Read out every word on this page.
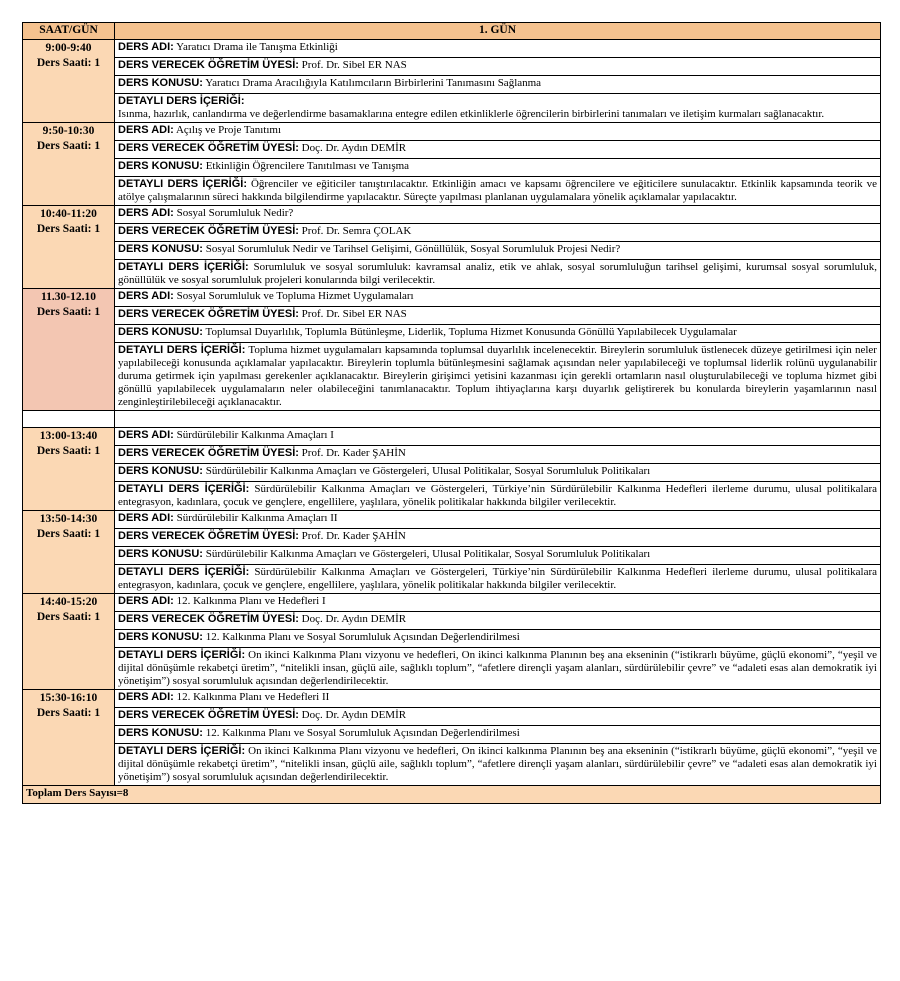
SAAT/GÜN	1. GÜN

9:00-9:40
Ders Saati: 1	DERS ADI: Yaratıcı Drama ile Tanışma Etkinliği
	DERS VERECEK ÖĞRETİM ÜYESİ: Prof. Dr. Sibel ER NAS
	DERS KONUSU: Yaratıcı Drama Aracılığıyla Katılımcıların Birbirlerini Tanımasını Sağlanma

	DETAYLI DERS İÇERİĞİ:
Isınma, hazırlık, canlandırma ve değerlendirme basamaklarına entegre edilen etkinliklerle öğrencilerin birbirlerini tanımaları ve iletişim kurmaları sağlanacaktır.

9:50-10:30
Ders Saati: 1	DERS ADI: Açılış ve Proje Tanıtımı
	DERS VERECEK ÖĞRETİM ÜYESİ: Doç. Dr. Aydın DEMİR
	DERS KONUSU: Etkinliğin Öğrencilere Tanıtılması ve Tanışma
	DETAYLI DERS İÇERİĞİ: Öğrenciler ve eğiticiler tanıştırılacaktır. Etkinliğin amacı ve kapsamı öğrencilere ve eğiticilere sunulacaktır. Etkinlik kapsamında teorik ve atölye çalışmalarının süreci hakkında bilgilendirme yapılacaktır. Süreçte yapılması planlanan uygulamalara yönelik açıklamalar yapılacaktır.

10:40-11:20
Ders Saati: 1	DERS ADI: Sosyal Sorumluluk Nedir?
	DERS VERECEK ÖĞRETİM ÜYESİ: Prof. Dr. Semra ÇOLAK
	DERS KONUSU: Sosyal Sorumluluk Nedir ve Tarihsel Gelişimi, Gönüllülük, Sosyal Sorumluluk Projesi Nedir?
	DETAYLI DERS İÇERİĞİ: Sorumluluk ve sosyal sorumluluk: kavramsal analiz, etik ve ahlak, sosyal sorumluluğun tarihsel gelişimi, kurumsal sosyal sorumluluk, gönüllülük ve sosyal sorumluluk projeleri konularında bilgi verilecektir.

11.30-12.10
Ders Saati: 1	DERS ADI: Sosyal Sorumluluk ve Topluma Hizmet Uygulamaları
	DERS VERECEK ÖĞRETİM ÜYESİ: Prof. Dr. Sibel ER NAS
	DERS KONUSU: Toplumsal Duyarlılık, Toplumla Bütünleşme, Liderlik, Topluma Hizmet Konusunda Gönüllü Yapılabilecek Uygulamalar
	DETAYLI DERS İÇERİĞİ: Topluma hizmet uygulamaları kapsamında toplumsal duyarlılık incelenecektir. Bireylerin sorumluluk üstlenecek düzeye getirilmesi için neler yapılabileceği konusunda açıklamalar yapılacaktır. Bireylerin toplumla bütünleşmesini sağlamak açısından neler yapılabileceği ve toplumsal liderlik rolünü uygulanabilir duruma getirmek için yapılması gerekenler açıklanacaktır. Bireylerin girişimci yetisini kazanması için gerekli ortamların nasıl oluşturulabileceği ve topluma hizmet gibi gönüllü yapılabilecek uygulamaların neler olabileceğini tanımlanacaktır. Toplum ihtiyaçlarına karşı duyarlık geliştirerek bu konularda bireylerin yaşamlarının nasıl zenginleştirilebileceği açıklanacaktır.

13:00-13:40
Ders Saati: 1	DERS ADI: Sürdürülebilir Kalkınma Amaçları I
	DERS VERECEK ÖĞRETİM ÜYESİ: Prof. Dr. Kader ŞAHİN
	DERS KONUSU: Sürdürülebilir Kalkınma Amaçları ve Göstergeleri, Ulusal Politikalar, Sosyal Sorumluluk Politikaları
	DETAYLI DERS İÇERİĞİ: Sürdürülebilir Kalkınma Amaçları ve Göstergeleri, Türkiye’nin Sürdürülebilir Kalkınma Hedefleri ilerleme durumu, ulusal politikalara entegrasyon, kadınlara, çocuk ve gençlere, engellilere, yaşlılara, yönelik politikalar hakkında bilgiler verilecektir.

13:50-14:30
Ders Saati: 1	DERS ADI: Sürdürülebilir Kalkınma Amaçları II
	DERS VERECEK ÖĞRETİM ÜYESİ: Prof. Dr. Kader ŞAHİN
	DERS KONUSU: Sürdürülebilir Kalkınma Amaçları ve Göstergeleri, Ulusal Politikalar, Sosyal Sorumluluk Politikaları
	DETAYLI DERS İÇERİĞİ: Sürdürülebilir Kalkınma Amaçları ve Göstergeleri, Türkiye’nin Sürdürülebilir Kalkınma Hedefleri ilerleme durumu, ulusal politikalara entegrasyon, kadınlara, çocuk ve gençlere, engellilere, yaşlılara, yönelik politikalar hakkında bilgiler verilecektir.

14:40-15:20
Ders Saati: 1	DERS ADI: 12. Kalkınma Planı ve Hedefleri I
	DERS VERECEK ÖĞRETİM ÜYESİ: Doç. Dr. Aydın DEMİR
	DERS KONUSU: 12. Kalkınma Planı ve Sosyal Sorumluluk Açısından Değerlendirilmesi
	DETAYLI DERS İÇERİĞİ: On ikinci Kalkınma Planı vizyonu ve hedefleri, On ikinci kalkınma Planının beş ana ekseninin (“istikrarlı büyüme, güçlü ekonomi”, “yeşil ve dijital dönüşümle rekabetçi üretim”, “nitelikli insan, güçlü aile, sağlıklı toplum”, “afetlere dirençli yaşam alanları, sürdürülebilir çevre” ve “adaleti esas alan demokratik iyi yönetişim”) sosyal sorumluluk açısından değerlendirilecektir.

15:30-16:10
Ders Saati: 1	DERS ADI: 12. Kalkınma Planı ve Hedefleri II
	DERS VERECEK ÖĞRETİM ÜYESİ: Doç. Dr. Aydın DEMİR
	DERS KONUSU: 12. Kalkınma Planı ve Sosyal Sorumluluk Açısından Değerlendirilmesi
	DETAYLI DERS İÇERİĞİ: On ikinci Kalkınma Planı vizyonu ve hedefleri, On ikinci kalkınma Planının beş ana ekseninin (“istikrarlı büyüme, güçlü ekonomi”, “yeşil ve dijital dönüşümle rekabetçi üretim”, “nitelikli insan, güçlü aile, sağlıklı toplum”, “afetlere dirençli yaşam alanları, sürdürülebilir çevre” ve “adaleti esas alan demokratik iyi yönetişim”) sosyal sorumluluk açısından değerlendirilecektir.
Toplam Ders Sayısı=8	
